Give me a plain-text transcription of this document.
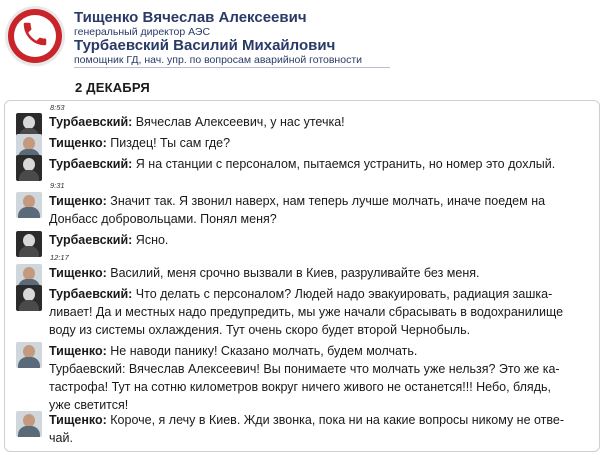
Тищенко Вячеслав Алексеевич
генеральный директор АЭС
Турбаевский Василий Михайлович
помощник ГД, нач. упр. по вопросам аварийной готовности
2 ДЕКАБРЯ
8:53
Турбаевский: Вячеслав Алексеевич, у нас утечка!
Тищенко: Пиздец! Ты сам где?
Турбаевский: Я на станции с персоналом, пытаемся устранить, но номер это дохлый.
9:31
Тищенко: Значит так. Я звонил наверх, нам теперь лучше молчать, иначе поедем на
Донбасс добровольцами. Понял меня?
Турбаевский: Ясно.
12:17
Тищенко: Василий, меня срочно вызвали в Киев, разруливайте без меня.
Турбаевский: Что делать с персоналом? Людей надо эвакуировать, радиация зашка-
ливает! Да и местных надо предупредить, мы уже начали сбрасывать в водохранилище
воду из системы охлаждения. Тут очень скоро будет второй Чернобыль.
Тищенко: Не наводи панику! Сказано молчать, будем молчать.
Турбаевский: Вячеслав Алексеевич! Вы понимаете что молчать уже нельзя? Это же ка-
тастрофа! Тут на сотню километров вокруг ничего живого не останется!!! Небо, блядь,
уже светится!
Тищенко: Короче, я лечу в Киев. Жди звонка, пока ни на какие вопросы никому не отве-
чай.
